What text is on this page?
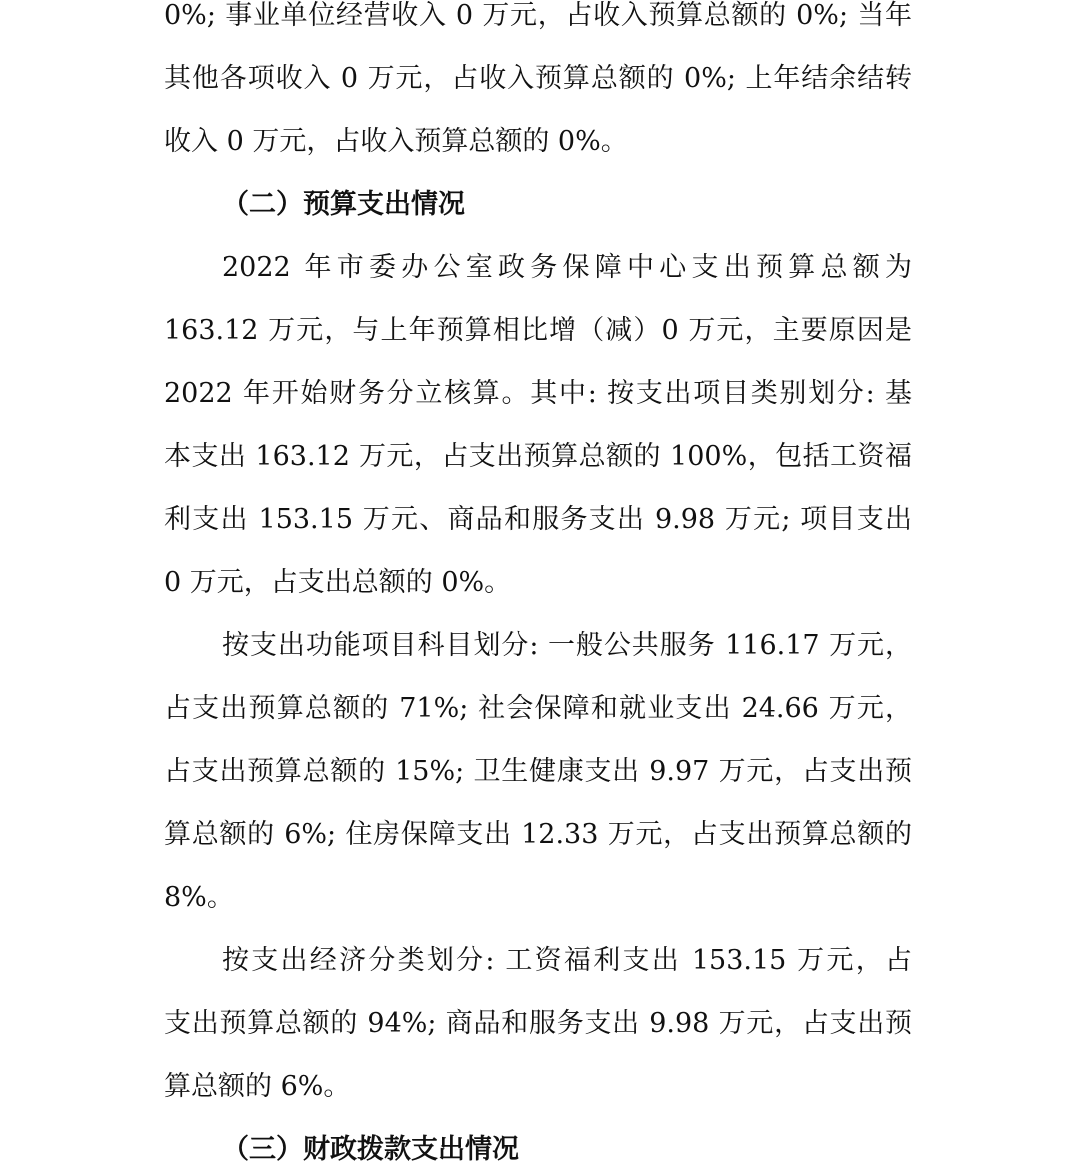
0%; 事业单位经营收入 0 万元，占收入预算总额的 0%; 当年

其他各项收入 0 万元，占收入预算总额的 0%; 上年结余结转

收入 0 万元，占收入预算总额的 0%。

（二）预算支出情况

2022 年市委办公室政务保障中心支出预算总额为

163.12 万元，与上年预算相比增（减）0 万元，主要原因是

2022 年开始财务分立核算。其中: 按支出项目类别划分: 基

本支出 163.12 万元，占支出预算总额的 100%，包括工资福

利支出 153.15 万元、商品和服务支出 9.98 万元; 项目支出

0 万元，占支出总额的 0%。

按支出功能项目科目划分: 一般公共服务 116.17 万元，

占支出预算总额的 71%; 社会保障和就业支出 24.66 万元，

占支出预算总额的 15%; 卫生健康支出 9.97 万元，占支出预

算总额的 6%; 住房保障支出 12.33 万元，占支出预算总额的

8%。

按支出经济分类划分: 工资福利支出 153.15 万元，占

支出预算总额的 94%; 商品和服务支出 9.98 万元，占支出预

算总额的 6%。

（三）财政拨款支出情况
